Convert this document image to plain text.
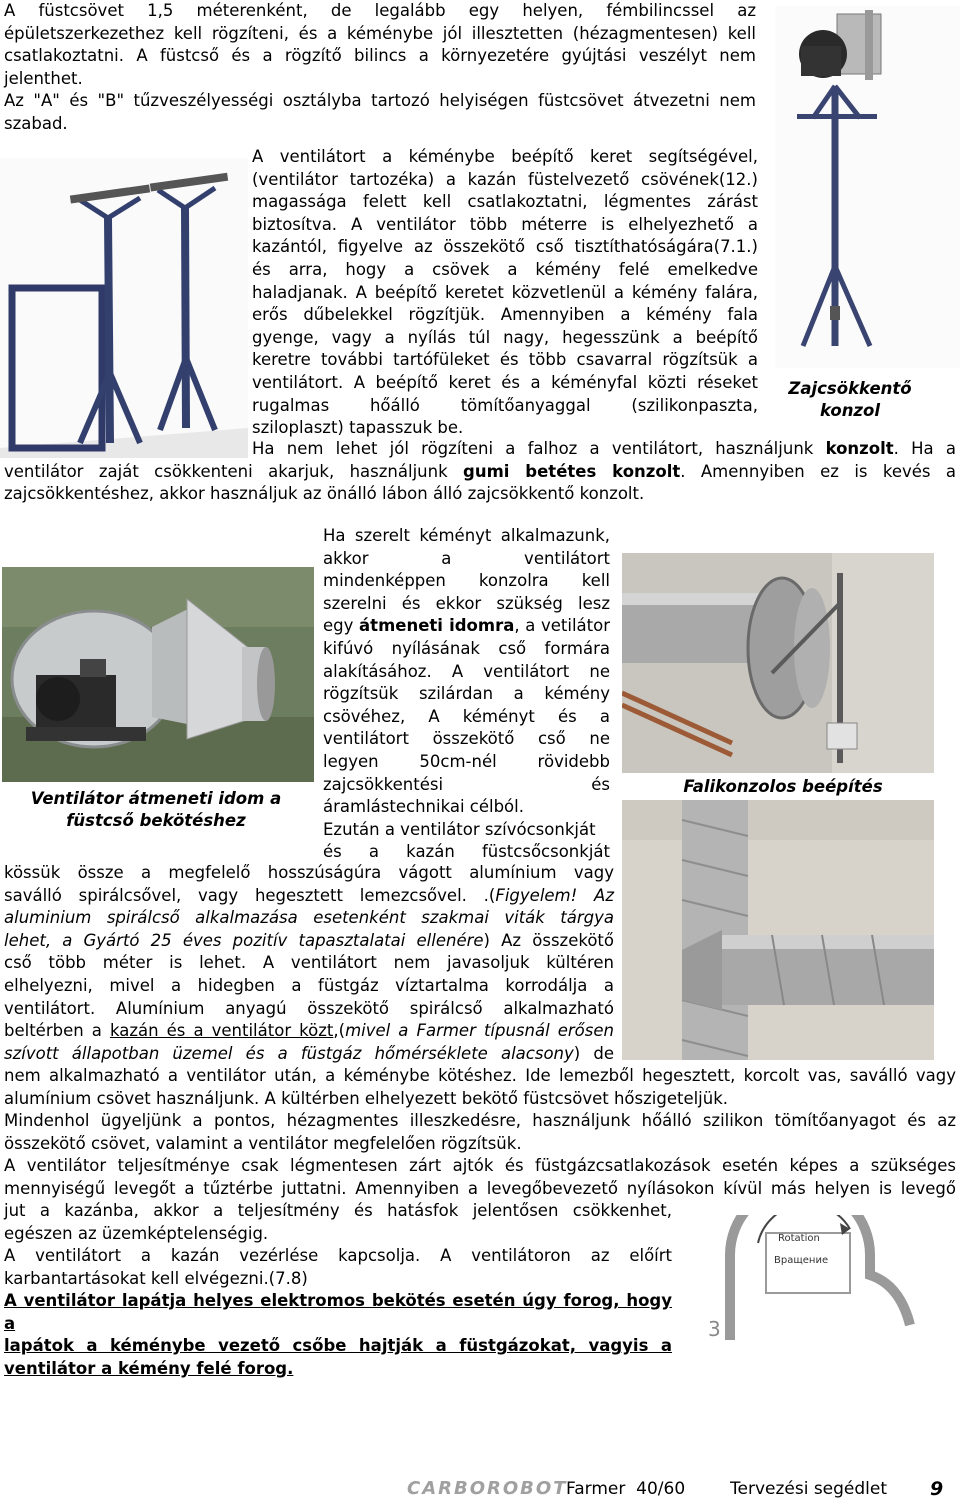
A füstcsövet 1,5 méterenként, de legalább egy helyen, fémbilincssel az
épületszerkezethez kell rögzíteni, és a kéménybe jól illesztetten (hézagmentesen) kell
csatlakoztatni. A füstcső és a rögzítő bilincs a környezetére gyújtási veszélyt nem
jelenthet.
Az "A" és "B" tűzveszélyességi osztályba tartozó helyiségen füstcsövet átvezetni nem
szabad.
A ventilátort a kéménybe beépítő keret segítségével,
(ventilátor tartozéka) a kazán füstelvezető csövének(12.)
magassága felett kell csatlakoztatni, légmentes zárást
biztosítva. A ventilátor több méterre is elhelyezhető a
kazántól, figyelve az összekötő cső tisztíthatóságára(7.1.)
és arra, hogy a csövek a kémény felé emelkedve
haladjanak. A beépítő keretet közvetlenül a kémény falára,
erős dűbelekkel rögzítjük. Amennyiben a kémény fala
gyenge, vagy a nyílás túl nagy, hegesszünk a beépítő
keretre további tartófüleket és több csavarral rögzítsük a
ventilátort. A beépítő keret és a kéményfal közti réseket
rugalmas hőálló tömítőanyaggal (szilikonpaszta,
sziloplaszt) tapasszuk be.
Zajcsökkentő
konzol
Ha nem lehet jól rögzíteni a falhoz a ventilátort, használjunk konzolt. Ha a
ventilátor zaját csökkenteni akarjuk, használjunk gumi betétes konzolt. Amennyiben ez is kevés a
zajcsökkentéshez, akkor használjuk az önálló lábon álló zajcsökkentő konzolt.
Ventilátor átmeneti idom a
füstcső bekötéshez
Ha szerelt kéményt alkalmazunk,
akkor a ventilátort
mindenképpen konzolra kell
szerelni és ekkor szükség lesz
egy átmeneti idomra, a vetilátor
kifúvó nyílásának cső formára
alakításához. A ventilátort ne
rögzítsük szilárdan a kémény
csövéhez, A kéményt és a
ventilátort összekötő cső ne
legyen 50cm-nél rövidebb
zajcsökkentési és
áramlástechnikai célból.
Ezután a ventilátor szívócsonkját
és a kazán füstcsőcsonkját
Falikonzolos beépítés
kössük össze a megfelelő hosszúságúra vágott alumínium vagy
saválló spirálcsővel, vagy hegesztett lemezcsővel. .(Figyelem! Az
aluminium spirálcső alkalmazása esetenként szakmai viták tárgya
lehet, a Gyártó 25 éves pozitív tapasztalatai ellenére) Az összekötő
cső több méter is lehet. A ventilátort nem javasoljuk kültéren
elhelyezni, mivel a hidegben a füstgáz víztartalma korrodálja a
ventilátort. Alumínium anyagú összekötő spirálcső alkalmazható
beltérben a kazán és a ventilátor közt,(mivel a Farmer típusnál erősen
szívott állapotban üzemel és a füstgáz hőmérséklete alacsony) de
nem alkalmazható a ventilátor után, a kéménybe kötéshez. Ide lemezből hegesztett, korcolt vas, saválló vagy
alumínium csövet használjunk. A kültérben elhelyezett bekötő füstcsövet hőszigeteljük.
Mindenhol ügyeljünk a pontos, hézagmentes illeszkedésre, használjunk hőálló szilikon tömítőanyagot és az
összekötő csövet, valamint a ventilátor megfelelően rögzítsük.
A ventilátor teljesítménye csak légmentesen zárt ajtók és füstgázcsatlakozások esetén képes a szükséges
mennyiségű levegőt a tűztérbe juttatni. Amennyiben a levegőbevezető nyílásokon kívül más helyen is levegő
jut a kazánba, akkor a teljesítmény és hatásfok jelentősen csökkenhet,
egészen az üzemképtelenségig.
A ventilátort a kazán vezérlése kapcsolja. A ventilátoron az előírt
karbantartásokat kell elvégezni.(7.8)
A ventilátor lapátja helyes elektromos bekötés esetén úgy forog, hogy a
lapátok a kéménybe vezető csőbe hajtják a füstgázokat, vagyis a
ventilátor a kémény felé forog.
Rotation
Вращение
3
CARBOROBOT
Farmer  40/60	Tervezési segédlet 9
